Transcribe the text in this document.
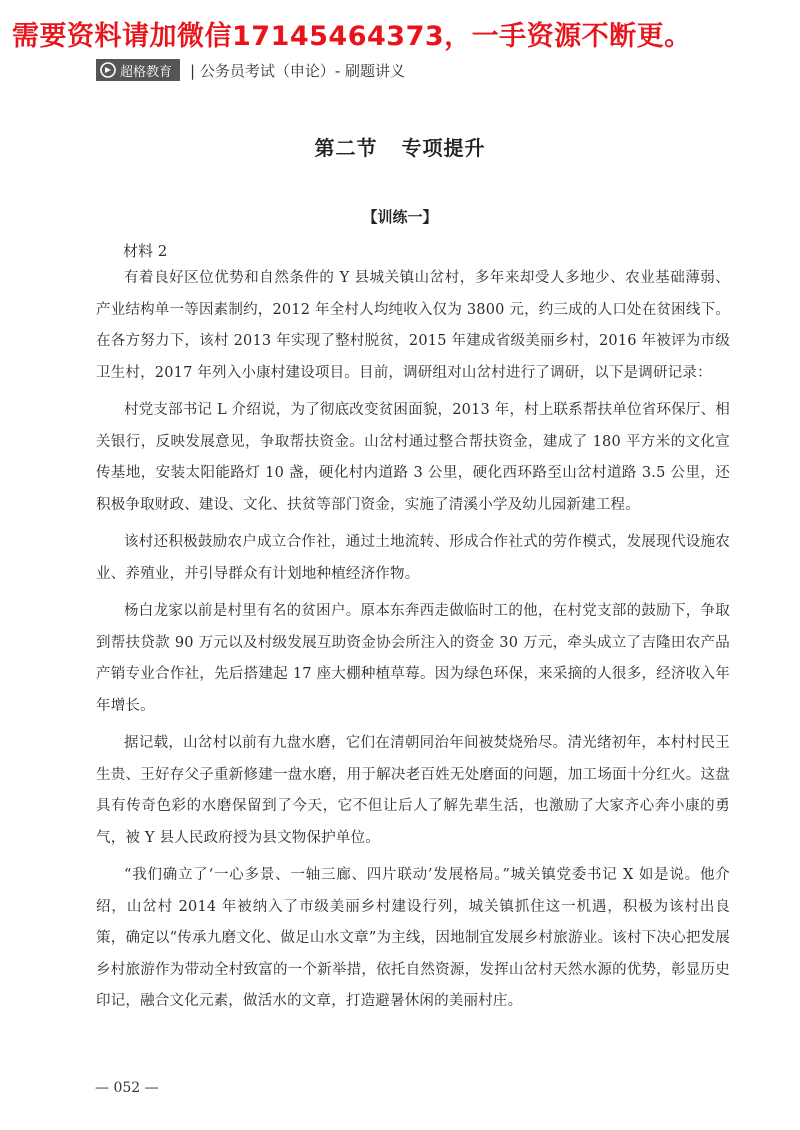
需要资料请加微信17145464373，一手资源不断更。
超格教育 | 公务员考试（申论）- 刷题讲义
第二节 专项提升
【训练一】
材料 2

有着良好区位优势和自然条件的 Y 县城关镇山岔村，多年来却受人多地少、农业基础薄弱、产业结构单一等因素制约，2012 年全村人均纯收入仅为 3800 元，约三成的人口处在贫困线下。在各方努力下，该村 2013 年实现了整村脱贫，2015 年建成省级美丽乡村，2016 年被评为市级卫生村，2017 年列入小康村建设项目。目前，调研组对山岔村进行了调研，以下是调研记录：

村党支部书记 L 介绍说，为了彻底改变贫困面貌，2013 年，村上联系帮扶单位省环保厅、相关银行，反映发展意见，争取帮扶资金。山岔村通过整合帮扶资金，建成了 180 平方米的文化宣传基地，安装太阳能路灯 10 盏，硬化村内道路 3 公里，硬化西环路至山岔村道路 3.5 公里，还积极争取财政、建设、文化、扶贫等部门资金，实施了清溪小学及幼儿园新建工程。

该村还积极鼓励农户成立合作社，通过土地流转、形成合作社式的劳作模式，发展现代设施农业、养殖业，并引导群众有计划地种植经济作物。

杨白龙家以前是村里有名的贫困户。原本东奔西走做临时工的他，在村党支部的鼓励下，争取到帮扶贷款 90 万元以及村级发展互助资金协会所注入的资金 30 万元，牵头成立了吉隆田农产品产销专业合作社，先后搭建起 17 座大棚种植草莓。因为绿色环保，来采摘的人很多，经济收入年年增长。

据记载，山岔村以前有九盘水磨，它们在清朝同治年间被焚烧殆尽。清光绪初年，本村村民王生贵、王好存父子重新修建一盘水磨，用于解决老百姓无处磨面的问题，加工场面十分红火。这盘具有传奇色彩的水磨保留到了今天，它不但让后人了解先辈生活，也激励了大家齐心奔小康的勇气，被 Y 县人民政府授为县文物保护单位。

“我们确立了‘一心多景、一轴三廊、四片联动’发展格局。”城关镇党委书记 X 如是说。他介绍，山岔村 2014 年被纳入了市级美丽乡村建设行列，城关镇抓住这一机遇，积极为该村出良策，确定以“传承九磨文化、做足山水文章”为主线，因地制宜发展乡村旅游业。该村下决心把发展乡村旅游作为带动全村致富的一个新举措，依托自然资源，发挥山岔村天然水源的优势，彰显历史印记，融合文化元素，做活水的文章，打造避暑休闲的美丽村庄。

— 052 —
